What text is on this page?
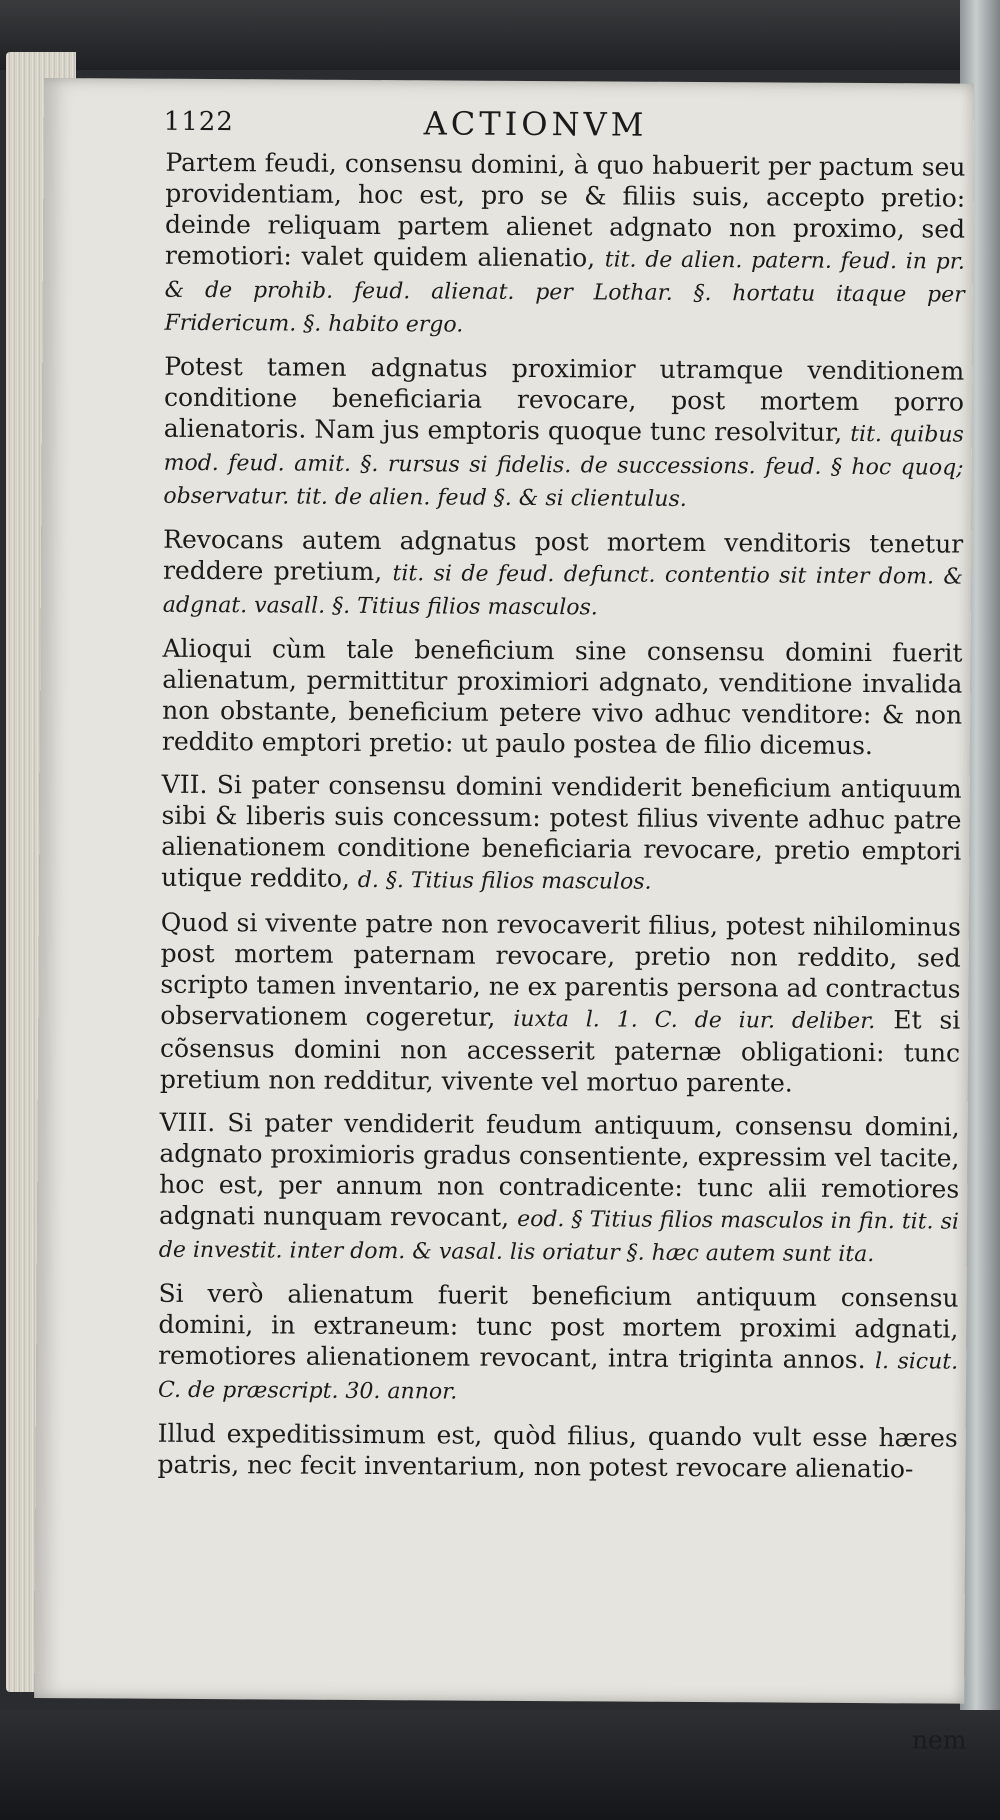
1122	ACTIONVM

Partem feudi, consensu domini, à quo habuerit per pactum seu providentiam, hoc est, pro se & filiis suis, accepto pretio: deinde reliquam partem alienet adgnato non proximo, sed remotiori: valet quidem alienatio, tit. de alien. patern. feud. in pr. & de prohib. feud. alienat. per Lothar. §. hortatu itaque per Fridericum. §. habito ergo.

Potest tamen adgnatus proximior utramque venditionem conditione beneficiaria revocare, post mortem porro alienatoris. Nam jus emptoris quoque tunc resolvitur, tit. quibus mod. feud. amit. §. rursus si fidelis. de successions. feud. § hoc quoq; observatur. tit. de alien. feud §. & si clientulus.

Revocans autem adgnatus post mortem venditoris tenetur reddere pretium, tit. si de feud. defunct. contentio sit inter dom. & adgnat. vasall. §. Titius filios masculos.

Alioqui cùm tale beneficium sine consensu domini fuerit alienatum, permittitur proximiori adgnato, venditione invalida non obstante, beneficium petere vivo adhuc venditore: & non reddito emptori pretio: ut paulo postea de filio dicemus.

VII. Si pater consensu domini vendiderit beneficium antiquum sibi & liberis suis concessum: potest filius vivente adhuc patre alienationem conditione beneficiaria revocare, pretio emptori utique reddito, d. §. Titius filios masculos.

Quod si vivente patre non revocaverit filius, potest nihilominus post mortem paternam revocare, pretio non reddito, sed scripto tamen inventario, ne ex parentis persona ad contractus observationem cogeretur, iuxta l. 1. C. de iur. deliber. Et si cõsensus domini non accesserit paternæ obligationi: tunc pretium non redditur, vivente vel mortuo parente.

VIII. Si pater vendiderit feudum antiquum, consensu domini, adgnato proximioris gradus consentiente, expressim vel tacite, hoc est, per annum non contradicente: tunc alii remotiores adgnati nunquam revocant, eod. § Titius filios masculos in fin. tit. si de investit. inter dom. & vasal. lis oriatur §. hæc autem sunt ita.

Si verò alienatum fuerit beneficium antiquum consensu domini, in extraneum: tunc post mortem proximi adgnati, remotiores alienationem revocant, intra triginta annos. l. sicut. C. de præscript. 30. annor.

Illud expeditissimum est, quòd filius, quando vult esse hæres patris, nec fecit inventarium, non potest revocare alienatio-

nem
